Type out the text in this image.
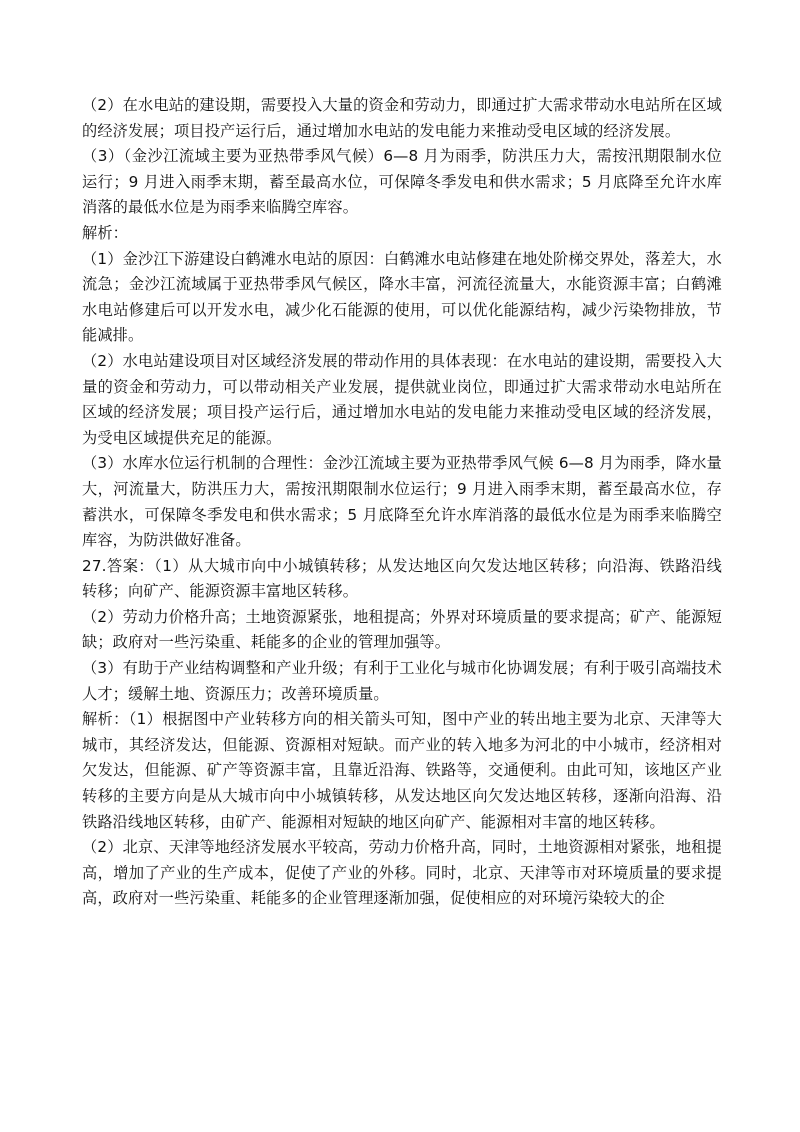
（2）在水电站的建设期，需要投入大量的资金和劳动力，即通过扩大需求带动水电站所在区域的经济发展；项目投产运行后，通过增加水电站的发电能力来推动受电区域的经济发展。

（3）（金沙江流域主要为亚热带季风气候）6—8 月为雨季，防洪压力大，需按汛期限制水位运行；9 月进入雨季末期，蓄至最高水位，可保障冬季发电和供水需求；5 月底降至允许水库消落的最低水位是为雨季来临腾空库容。

解析：

（1）金沙江下游建设白鹤滩水电站的原因：白鹤滩水电站修建在地处阶梯交界处，落差大，水流急；金沙江流域属于亚热带季风气候区，降水丰富，河流径流量大，水能资源丰富；白鹤滩水电站修建后可以开发水电，减少化石能源的使用，可以优化能源结构，减少污染物排放，节能减排。

（2）水电站建设项目对区域经济发展的带动作用的具体表现：在水电站的建设期，需要投入大量的资金和劳动力，可以带动相关产业发展，提供就业岗位，即通过扩大需求带动水电站所在区域的经济发展；项目投产运行后，通过增加水电站的发电能力来推动受电区域的经济发展，为受电区域提供充足的能源。

（3）水库水位运行机制的合理性：金沙江流域主要为亚热带季风气候 6—8 月为雨季，降水量大，河流量大，防洪压力大，需按汛期限制水位运行；9 月进入雨季末期，蓄至最高水位，存蓄洪水，可保障冬季发电和供水需求；5 月底降至允许水库消落的最低水位是为雨季来临腾空库容，为防洪做好准备。

27.答案：（1）从大城市向中小城镇转移；从发达地区向欠发达地区转移；向沿海、铁路沿线转移；向矿产、能源资源丰富地区转移。

（2）劳动力价格升高；土地资源紧张，地租提高；外界对环境质量的要求提高；矿产、能源短缺；政府对一些污染重、耗能多的企业的管理加强等。

（3）有助于产业结构调整和产业升级；有利于工业化与城市化协调发展；有利于吸引高端技术人才；缓解土地、资源压力；改善环境质量。

解析：（1）根据图中产业转移方向的相关箭头可知，图中产业的转出地主要为北京、天津等大城市，其经济发达，但能源、资源相对短缺。而产业的转入地多为河北的中小城市，经济相对欠发达，但能源、矿产等资源丰富，且靠近沿海、铁路等，交通便利。由此可知，该地区产业转移的主要方向是从大城市向中小城镇转移，从发达地区向欠发达地区转移，逐渐向沿海、沿铁路沿线地区转移，由矿产、能源相对短缺的地区向矿产、能源相对丰富的地区转移。

（2）北京、天津等地经济发展水平较高，劳动力价格升高，同时，土地资源相对紧张，地租提高，增加了产业的生产成本，促使了产业的外移。同时，北京、天津等市对环境质量的要求提高，政府对一些污染重、耗能多的企业管理逐渐加强，促使相应的对环境污染较大的企
